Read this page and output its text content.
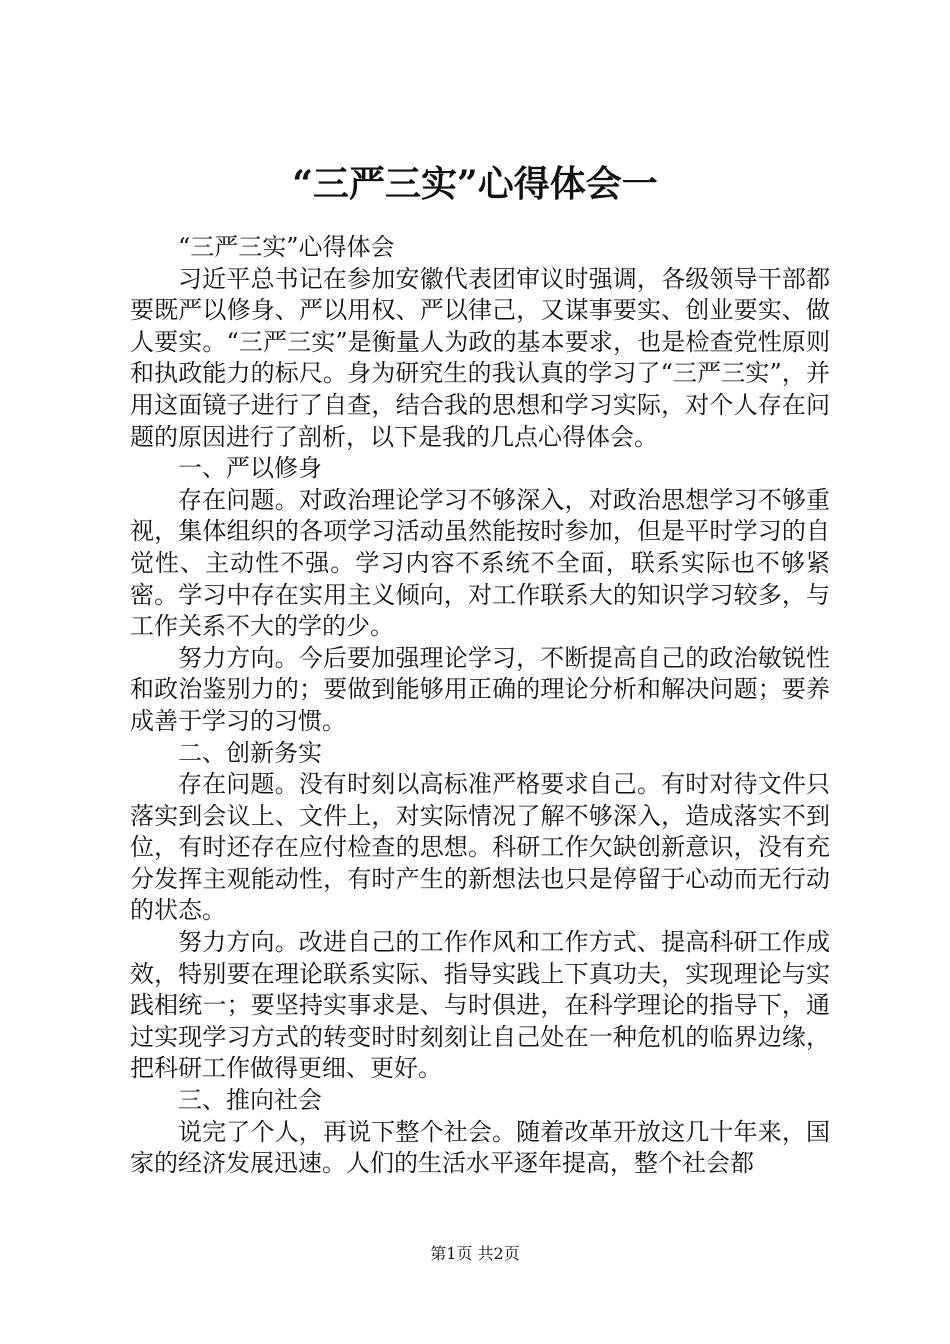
“三严三实”心得体会一

“三严三实”心得体会

习近平总书记在参加安徽代表团审议时强调，各级领导干部都要既严以修身、严以用权、严以律己，又谋事要实、创业要实、做人要实。“三严三实”是衡量人为政的基本要求，也是检查党性原则和执政能力的标尺。身为研究生的我认真的学习了“三严三实”，并用这面镜子进行了自查，结合我的思想和学习实际，对个人存在问题的原因进行了剖析，以下是我的几点心得体会。

一、严以修身

存在问题。对政治理论学习不够深入，对政治思想学习不够重视，集体组织的各项学习活动虽然能按时参加，但是平时学习的自觉性、主动性不强。学习内容不系统不全面，联系实际也不够紧密。学习中存在实用主义倾向，对工作联系大的知识学习较多，与工作关系不大的学的少。

努力方向。今后要加强理论学习，不断提高自己的政治敏锐性和政治鉴别力的；要做到能够用正确的理论分析和解决问题；要养成善于学习的习惯。

二、创新务实

存在问题。没有时刻以高标准严格要求自己。有时对待文件只落实到会议上、文件上，对实际情况了解不够深入，造成落实不到位，有时还存在应付检查的思想。科研工作欠缺创新意识，没有充分发挥主观能动性，有时产生的新想法也只是停留于心动而无行动的状态。

努力方向。改进自己的工作作风和工作方式、提高科研工作成效，特别要在理论联系实际、指导实践上下真功夫，实现理论与实践相统一；要坚持实事求是、与时俱进，在科学理论的指导下，通过实现学习方式的转变时时刻刻让自己处在一种危机的临界边缘，把科研工作做得更细、更好。

三、推向社会

说完了个人，再说下整个社会。随着改革开放这几十年来，国家的经济发展迅速。人们的生活水平逐年提高，整个社会都

第1页 共2页
